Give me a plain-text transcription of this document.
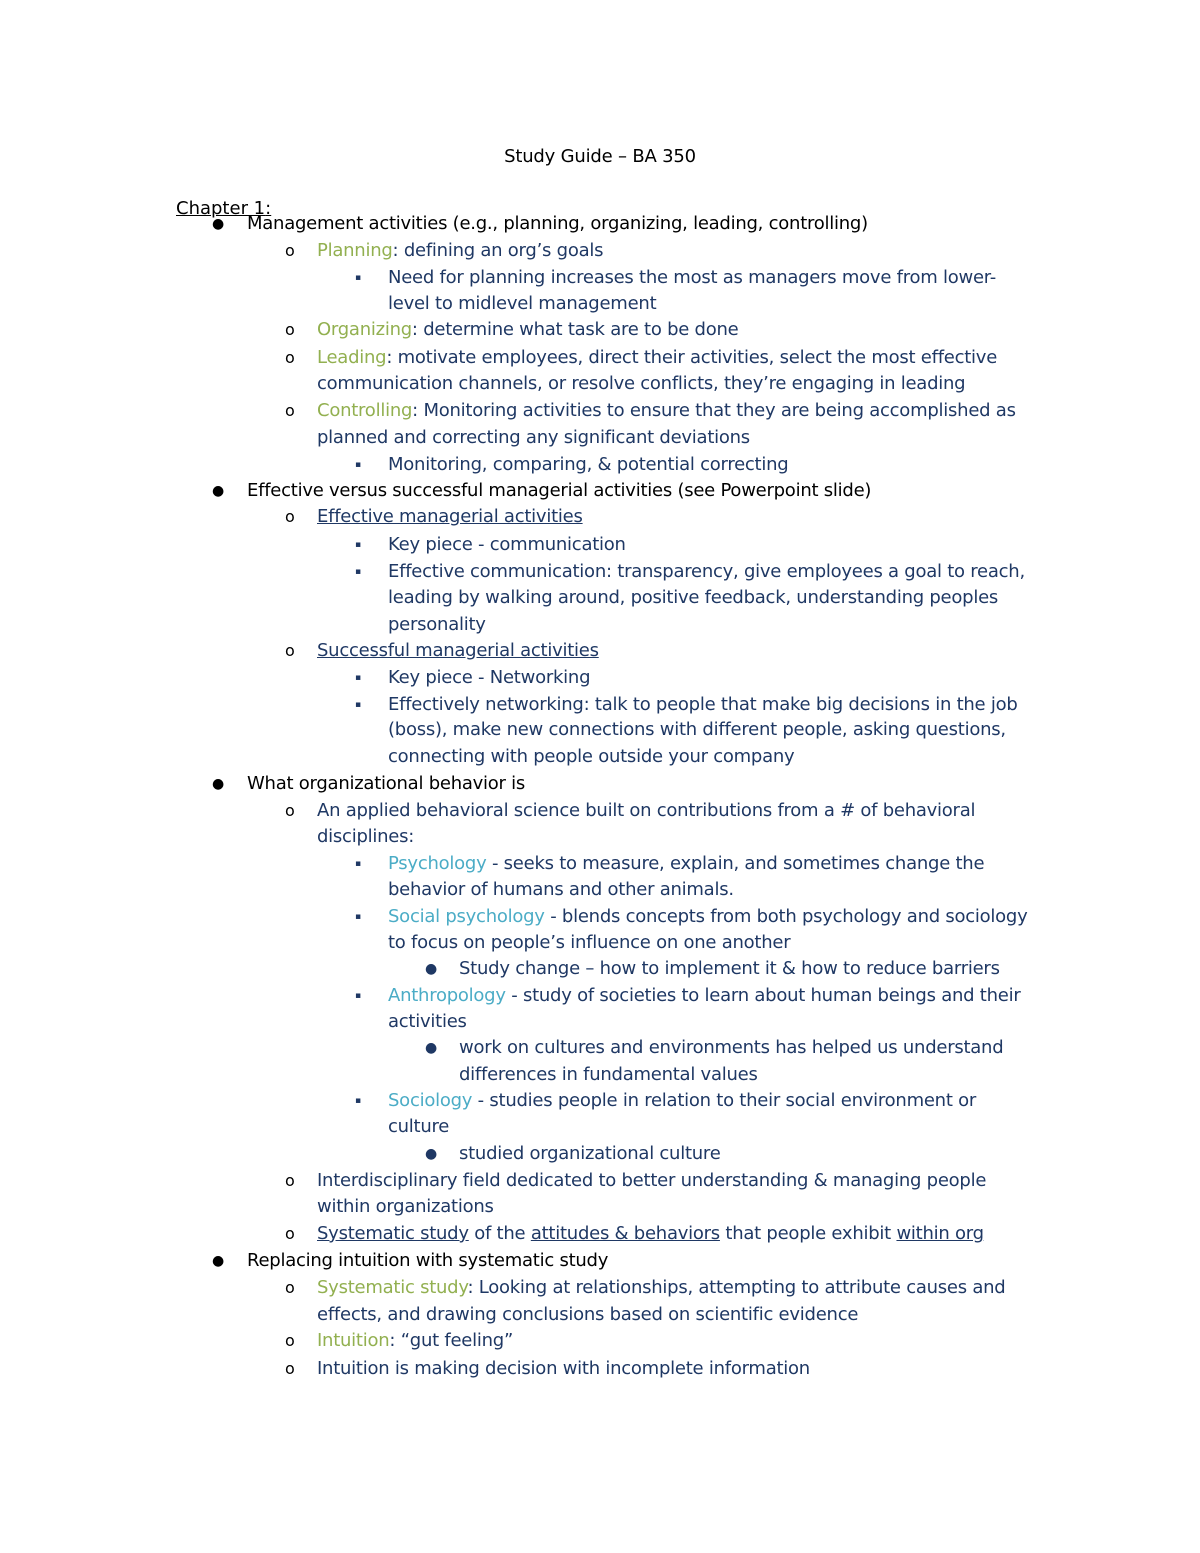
Study Guide – BA 350
Chapter 1:
● Management activities (e.g., planning, organizing, leading, controlling)
o Planning: defining an org’s goals
▪ Need for planning increases the most as managers move from lower-
level to midlevel management
o Organizing: determine what task are to be done
o Leading: motivate employees, direct their activities, select the most effective
communication channels, or resolve conflicts, they’re engaging in leading
o Controlling: Monitoring activities to ensure that they are being accomplished as
planned and correcting any significant deviations
▪ Monitoring, comparing, & potential correcting
● Effective versus successful managerial activities (see Powerpoint slide)
o Effective managerial activities
▪ Key piece - communication
▪ Effective communication: transparency, give employees a goal to reach,
leading by walking around, positive feedback, understanding peoples
personality
o Successful managerial activities
▪ Key piece - Networking
▪ Effectively networking: talk to people that make big decisions in the job
(boss), make new connections with different people, asking questions,
connecting with people outside your company
● What organizational behavior is
o An applied behavioral science built on contributions from a # of behavioral
disciplines:
▪ Psychology - seeks to measure, explain, and sometimes change the
behavior of humans and other animals.
▪ Social psychology - blends concepts from both psychology and sociology
to focus on people’s influence on one another
● Study change – how to implement it & how to reduce barriers
▪ Anthropology - study of societies to learn about human beings and their
activities
● work on cultures and environments has helped us understand
differences in fundamental values
▪ Sociology - studies people in relation to their social environment or
culture
● studied organizational culture
o Interdisciplinary field dedicated to better understanding & managing people
within organizations
o Systematic study of the attitudes & behaviors that people exhibit within org
● Replacing intuition with systematic study
o Systematic study: Looking at relationships, attempting to attribute causes and
effects, and drawing conclusions based on scientific evidence
o Intuition: “gut feeling”
o Intuition is making decision with incomplete information
